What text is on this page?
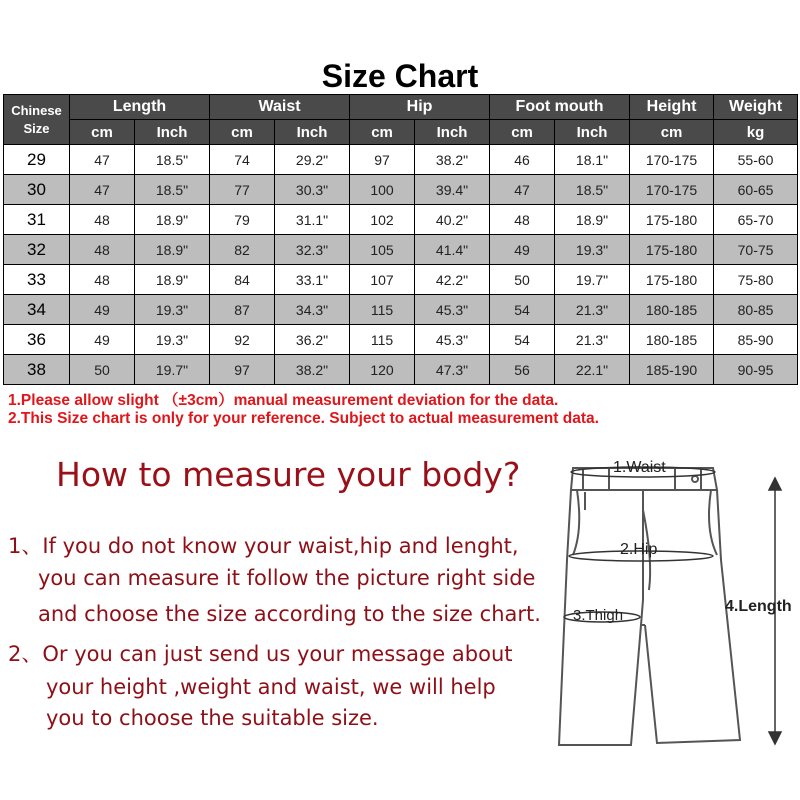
Size Chart
Chinese
Size	Length		Waist		Hip		Foot mouth		Height	Weight
	cm	Inch	cm	Inch	cm	Inch	cm	Inch	cm	kg
29	47	18.5"	74	29.2"	97	38.2"	46	18.1"	170-175	55-60
30	47	18.5"	77	30.3"	100	39.4"	47	18.5"	170-175	60-65
31	48	18.9"	79	31.1"	102	40.2"	48	18.9"	175-180	65-70
32	48	18.9"	82	32.3"	105	41.4"	49	19.3"	175-180	70-75
33	48	18.9"	84	33.1"	107	42.2"	50	19.7"	175-180	75-80
34	49	19.3"	87	34.3"	115	45.3"	54	21.3"	180-185	80-85
36	49	19.3"	92	36.2"	115	45.3"	54	21.3"	180-185	85-90
38	50	19.7"	97	38.2"	120	47.3"	56	22.1"	185-190	90-95
1.Please allow slight （±3cm）manual measurement deviation for the data.
2.This Size chart is only for your reference. Subject to actual measurement data.
How to measure your body?
1、If you do not know your waist,hip and lenght,
you can measure it follow the picture right side
and choose the size according to the size chart.
2、Or you can just send us your message about
your height ,weight and waist, we will help
you to choose the suitable size.
1.Waist
2.Hip
3.Thigh
4.Length
